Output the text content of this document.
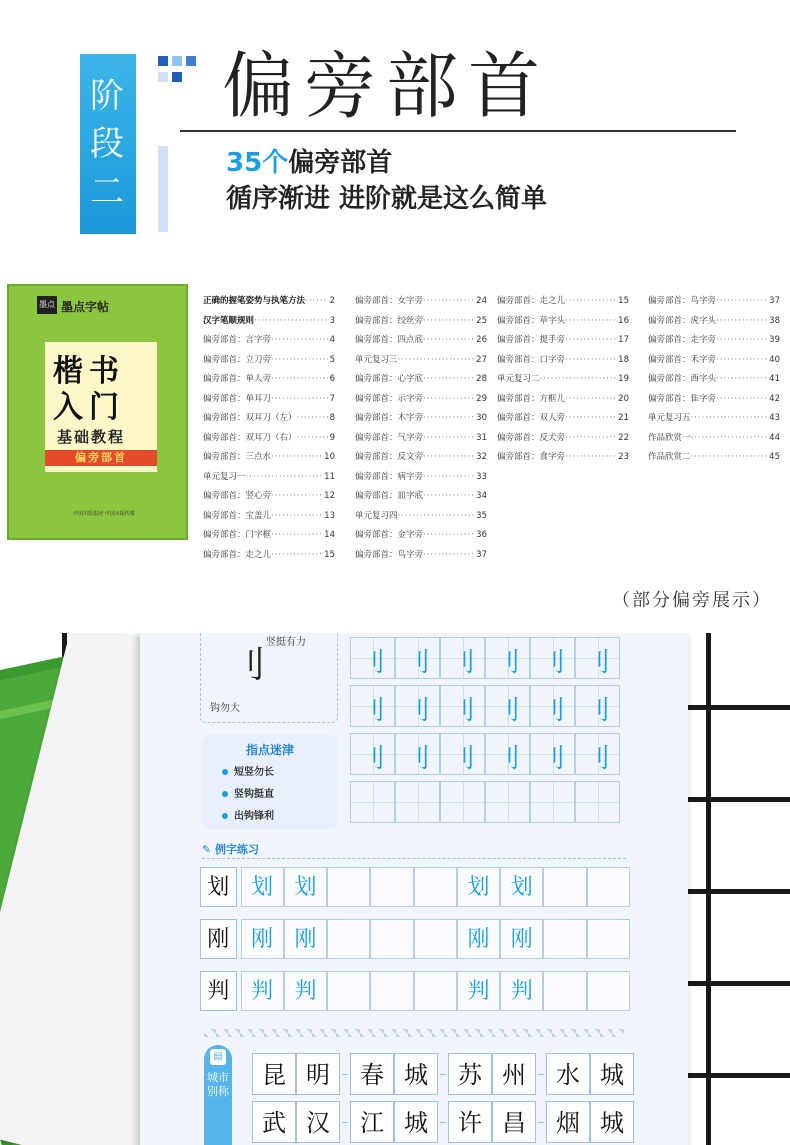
阶
段
二
偏旁部首
35个偏旁部首
循序渐进 进阶就是这么简单
墨点 墨点字帖
楷书
入门
基础教程
偏旁部首
中国出版集团 中国出版传媒
正确的握笔姿势与执笔方法 ·····	2
汉字笔顺规则 ·····	3
偏旁部首：言字旁 ·····	4
偏旁部首：立刀旁 ·····	5
偏旁部首：单人旁 ·····	6
偏旁部首：单耳刀 ·····	7
偏旁部首：双耳刀（左） ·····	8
偏旁部首：双耳刀（右） ·····	9
偏旁部首：三点水 ·····	10
单元复习一 ·····	11
偏旁部首：竖心旁 ·····	12
偏旁部首：宝盖儿 ·····	13
偏旁部首：门字框 ·····	14
偏旁部首：走之儿 ·····	15
偏旁部首：女字旁 ·····	24
偏旁部首：绞丝旁 ·····	25
偏旁部首：四点底 ·····	26
单元复习三 ·····	27
偏旁部首：心字底 ·····	28
偏旁部首：示字旁 ·····	29
偏旁部首：木字旁 ·····	30
偏旁部首：气字旁 ·····	31
偏旁部首：反文旁 ·····	32
偏旁部首：病字旁 ·····	33
偏旁部首：皿字底 ·····	34
单元复习四 ·····	35
偏旁部首：金字旁 ·····	36
偏旁部首：鸟字旁 ·····	37
偏旁部首：走之儿 ·····	15
偏旁部首：草字头 ·····	16
偏旁部首：提手旁 ·····	17
偏旁部首：口字旁 ·····	18
单元复习二 ·····	19
偏旁部首：方框儿 ·····	20
偏旁部首：双人旁 ·····	21
偏旁部首：反犬旁 ·····	22
偏旁部首：食字旁 ·····	23
偏旁部首：鸟字旁 ·····	37
偏旁部首：虎字头 ·····	38
偏旁部首：走字旁 ·····	39
偏旁部首：禾字旁 ·····	40
偏旁部首：西字头 ·····	41
偏旁部首：隹字旁 ·····	42
单元复习五 ·····	43
作品欣赏一 ·····	44
作品欣赏二 ·····	45
（部分偏旁展示）
刂
竖挺有力
钩勿大
刂 刂 刂 刂 刂 刂
刂 刂 刂 刂 刂 刂
刂 刂 刂 刂 刂 刂
指点迷津
短竖勿长
竖钩挺直
出钩锋利
✎ 例字练习
划 划 划	划 划
刚 刚 刚	刚 刚
判 判 判	判 判
▤
城市别称
昆 明	春 城	苏 州	水 城
武 汉	江 城	许 昌	烟 城
